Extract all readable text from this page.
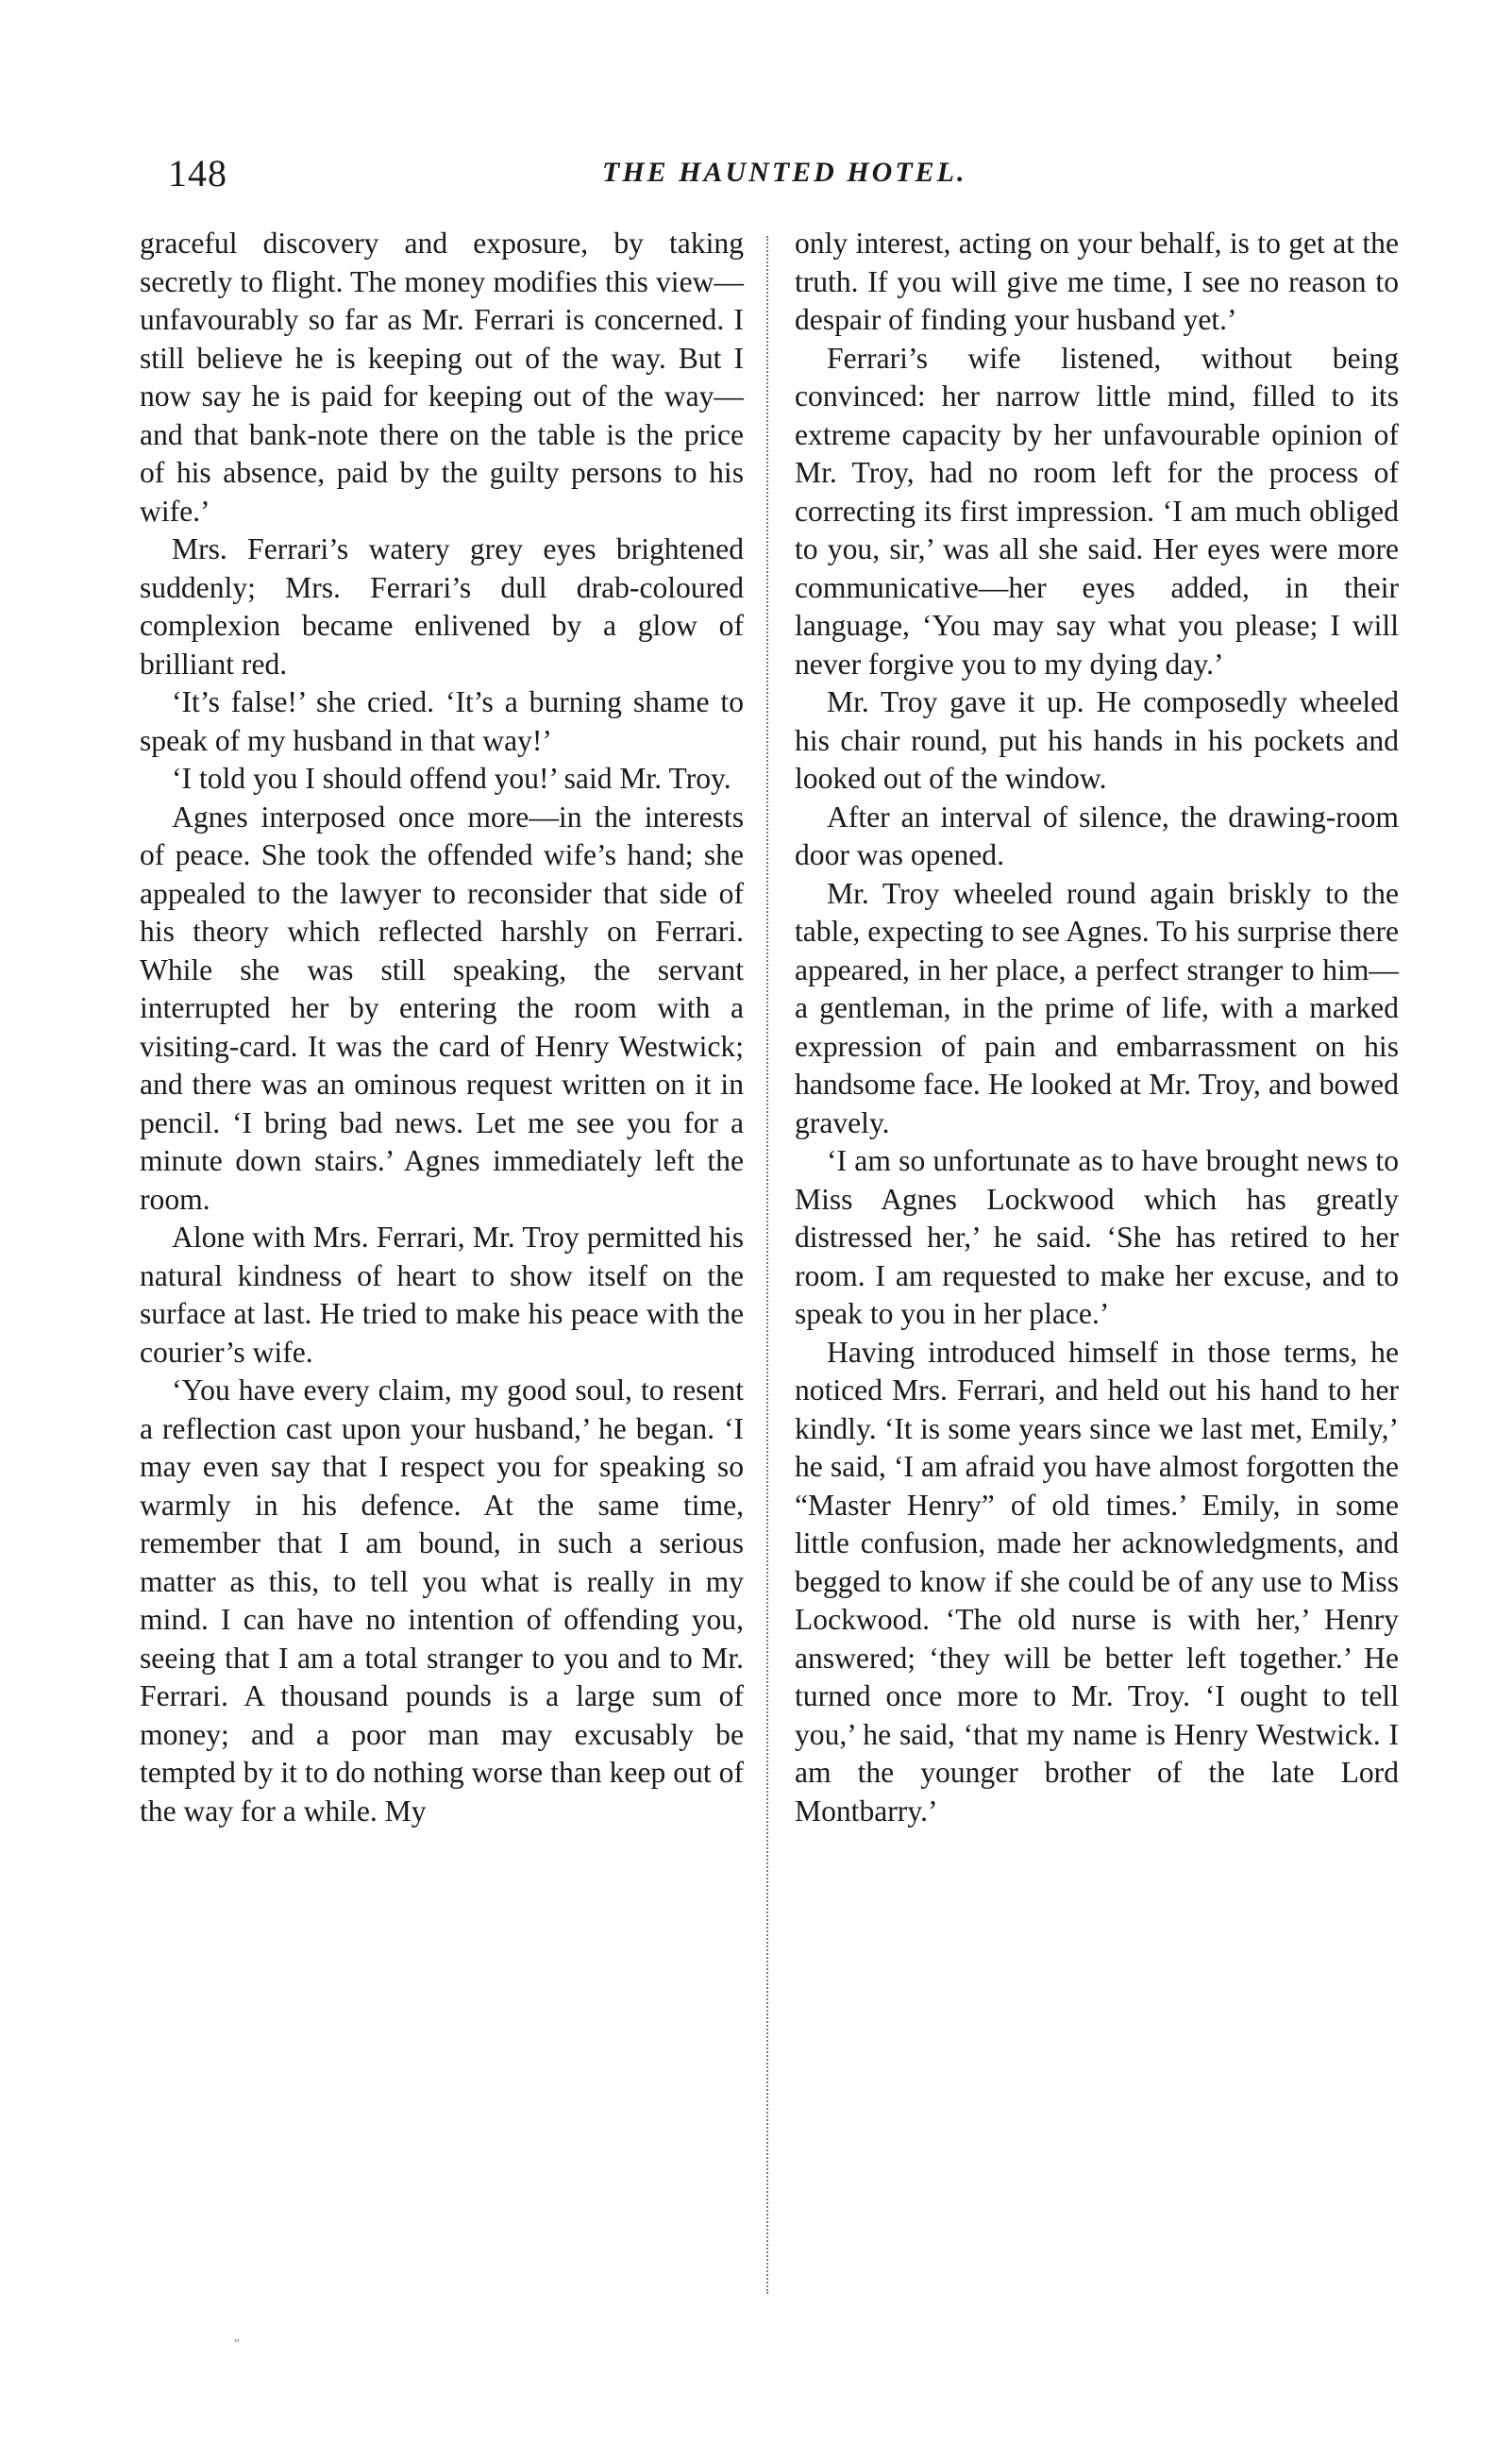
148	THE HAUNTED HOTEL.

graceful discovery and exposure, by taking secretly to flight. The money modifies this view—unfavourably so far as Mr. Ferrari is concerned. I still believe he is keeping out of the way. But I now say he is paid for keeping out of the way—and that bank-note there on the table is the price of his absence, paid by the guilty persons to his wife.’

Mrs. Ferrari’s watery grey eyes brightened suddenly; Mrs. Ferrari’s dull drab-coloured complexion became enlivened by a glow of brilliant red.

‘It’s false!’ she cried. ‘It’s a burning shame to speak of my husband in that way!’

‘I told you I should offend you!’ said Mr. Troy.

Agnes interposed once more—in the interests of peace. She took the offended wife’s hand; she appealed to the lawyer to reconsider that side of his theory which reflected harshly on Ferrari. While she was still speaking, the servant interrupted her by entering the room with a visiting-card. It was the card of Henry Westwick; and there was an ominous request written on it in pencil. ‘I bring bad news. Let me see you for a minute down stairs.’ Agnes immediately left the room.

Alone with Mrs. Ferrari, Mr. Troy permitted his natural kindness of heart to show itself on the surface at last. He tried to make his peace with the courier’s wife.

‘You have every claim, my good soul, to resent a reflection cast upon your husband,’ he began. ‘I may even say that I respect you for speaking so warmly in his defence. At the same time, remember that I am bound, in such a serious matter as this, to tell you what is really in my mind. I can have no intention of offending you, seeing that I am a total stranger to you and to Mr. Ferrari. A thousand pounds is a large sum of money; and a poor man may excusably be tempted by it to do nothing worse than keep out of the way for a while. My

only interest, acting on your behalf, is to get at the truth. If you will give me time, I see no reason to despair of finding your husband yet.’

Ferrari’s wife listened, without being convinced: her narrow little mind, filled to its extreme capacity by her unfavourable opinion of Mr. Troy, had no room left for the process of correcting its first impression. ‘I am much obliged to you, sir,’ was all she said. Her eyes were more communicative—her eyes added, in their language, ‘You may say what you please; I will never forgive you to my dying day.’

Mr. Troy gave it up. He composedly wheeled his chair round, put his hands in his pockets and looked out of the window.

After an interval of silence, the drawing-room door was opened.

Mr. Troy wheeled round again briskly to the table, expecting to see Agnes. To his surprise there appeared, in her place, a perfect stranger to him—a gentleman, in the prime of life, with a marked expression of pain and embarrassment on his handsome face. He looked at Mr. Troy, and bowed gravely.

‘I am so unfortunate as to have brought news to Miss Agnes Lockwood which has greatly distressed her,’ he said. ‘She has retired to her room. I am requested to make her excuse, and to speak to you in her place.’

Having introduced himself in those terms, he noticed Mrs. Ferrari, and held out his hand to her kindly. ‘It is some years since we last met, Emily,’ he said, ‘I am afraid you have almost forgotten the “Master Henry” of old times.’ Emily, in some little confusion, made her acknowledgments, and begged to know if she could be of any use to Miss Lockwood. ‘The old nurse is with her,’ Henry answered; ‘they will be better left together.’ He turned once more to Mr. Troy. ‘I ought to tell you,’ he said, ‘that my name is Henry Westwick. I am the younger brother of the late Lord Montbarry.’

‟
